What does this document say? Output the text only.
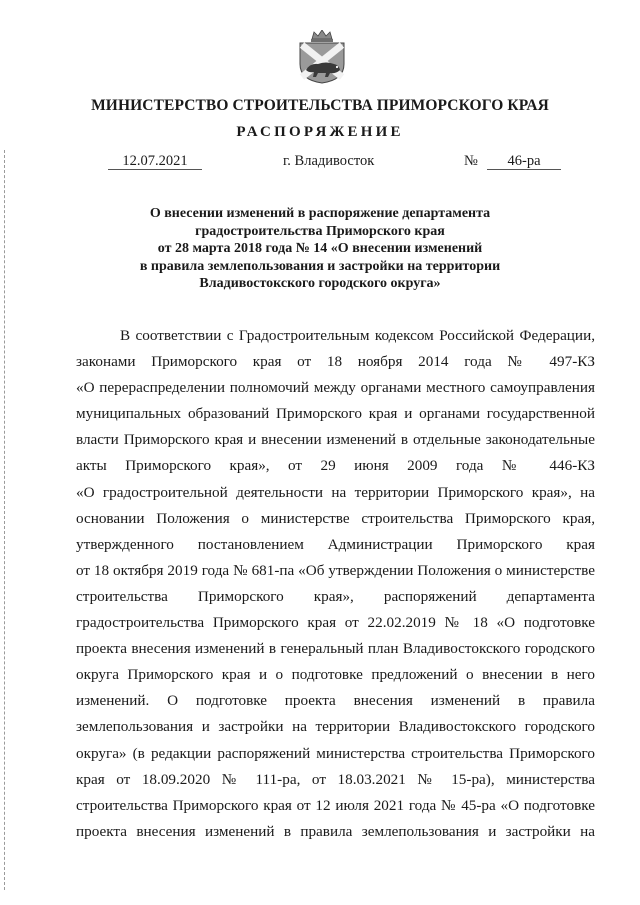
МИНИСТЕРСТВО СТРОИТЕЛЬСТВА ПРИМОРСКОГО КРАЯ
РАСПОРЯЖЕНИЕ
12.07.2021	г. Владивосток	№	46-ра
О внесении изменений в распоряжение департамента
градостроительства Приморского края
от 28 марта 2018 года № 14 «О внесении изменений
в правила землепользования и застройки на территории
Владивостокского городского округа»
В соответствии с Градостроительным кодексом Российской Федерации,
законами Приморского края от 18 ноября 2014 года № 497-КЗ
«О перераспределении полномочий между органами местного самоуправления
муниципальных образований Приморского края и органами государственной
власти Приморского края и внесении изменений в отдельные законодательные
акты Приморского края», от 29 июня 2009 года № 446-КЗ
«О градостроительной деятельности на территории Приморского края», на
основании Положения о министерстве строительства Приморского края,
утвержденного постановлением Администрации Приморского края
от 18 октября 2019 года № 681-па «Об утверждении Положения о министерстве
строительства Приморского края», распоряжений департамента
градостроительства Приморского края от 22.02.2019 № 18 «О подготовке
проекта внесения изменений в генеральный план Владивостокского городского
округа Приморского края и о подготовке предложений о внесении в него
изменений. О подготовке проекта внесения изменений в правила
землепользования и застройки на территории Владивостокского городского
округа» (в редакции распоряжений министерства строительства Приморского
края от 18.09.2020 № 111-ра, от 18.03.2021 № 15-ра), министерства
строительства Приморского края от 12 июля 2021 года № 45-ра «О подготовке
проекта внесения изменений в правила землепользования и застройки на
